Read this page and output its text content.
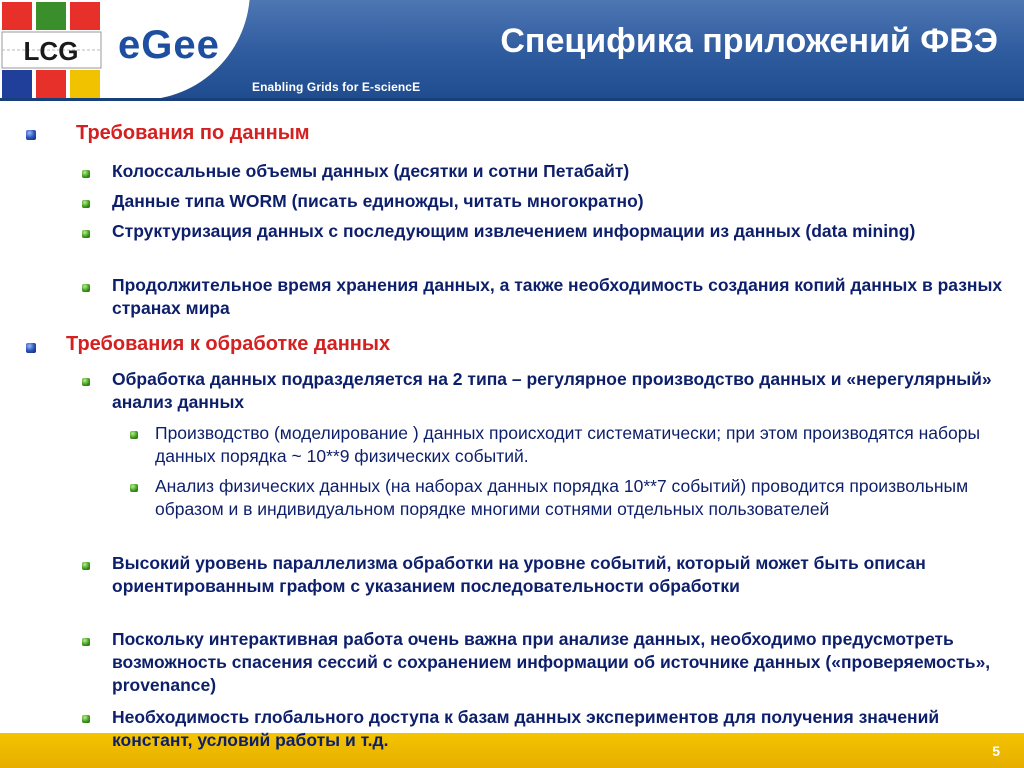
LCG eGee
Enabling Grids for E-sciencE
Специфика приложений ФВЭ
Требования по данным
Колоссальные объемы данных (десятки и сотни Петабайт)
Данные типа WORM (писать единожды, читать многократно)
Структуризация данных с последующим извлечением информации из данных (data mining)
Продолжительное время хранения данных, а также необходимость создания копий данных в разных странах мира
Требования к обработке данных
Обработка данных подразделяется на 2 типа – регулярное производство данных и «нерегулярный» анализ данных
Производство (моделирование ) данных происходит систематически; при этом производятся наборы данных порядка ~ 10**9 физических событий.
Анализ физических данных (на наборах данных порядка 10**7 событий) проводится произвольным образом и в индивидуальном порядке многими сотнями отдельных пользователей
Высокий уровень параллелизма обработки на уровне событий, который может быть описан ориентированным графом с указанием последовательности обработки
Поскольку интерактивная работа очень важна при анализе данных, необходимо предусмотреть возможность спасения сессий с сохранением информации об источнике данных («проверяемость», provenance)
Необходимость глобального доступа к базам данных экспериментов для получения значений констант, условий работы и т.д.
5
